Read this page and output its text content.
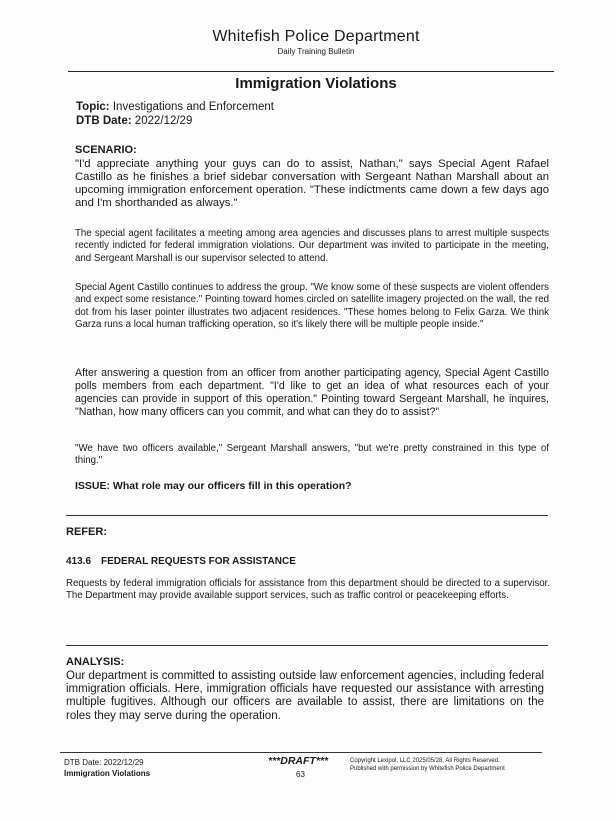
Whitefish Police Department
Daily Training Bulletin
Immigration Violations
Topic: Investigations and Enforcement
DTB Date: 2022/12/29
SCENARIO:
"I'd appreciate anything your guys can do to assist, Nathan," says Special Agent Rafael Castillo as he finishes a brief sidebar conversation with Sergeant Nathan Marshall about an upcoming immigration enforcement operation. "These indictments came down a few days ago and I'm shorthanded as always."
The special agent facilitates a meeting among area agencies and discusses plans to arrest multiple suspects recently indicted for federal immigration violations. Our department was invited to participate in the meeting, and Sergeant Marshall is our supervisor selected to attend.
Special Agent Castillo continues to address the group. "We know some of these suspects are violent offenders and expect some resistance." Pointing toward homes circled on satellite imagery projected on the wall, the red dot from his laser pointer illustrates two adjacent residences. "These homes belong to Felix Garza. We think Garza runs a local human trafficking operation, so it's likely there will be multiple people inside."
After answering a question from an officer from another participating agency, Special Agent Castillo polls members from each department. "I'd like to get an idea of what resources each of your agencies can provide in support of this operation." Pointing toward Sergeant Marshall, he inquires, "Nathan, how many officers can you commit, and what can they do to assist?"
"We have two officers available," Sergeant Marshall answers, "but we're pretty constrained in this type of thing."
ISSUE: What role may our officers fill in this operation?
REFER:
413.6 FEDERAL REQUESTS FOR ASSISTANCE
Requests by federal immigration officials for assistance from this department should be directed to a supervisor. The Department may provide available support services, such as traffic control or peacekeeping efforts.
ANALYSIS:
Our department is committed to assisting outside law enforcement agencies, including federal immigration officials. Here, immigration officials have requested our assistance with arresting multiple fugitives. Although our officers are available to assist, there are limitations on the roles they may serve during the operation.
DTB Date: 2022/12/29
Immigration Violations
***DRAFT***
63
Copyright Lexipol, LLC 2025/05/28, All Rights Reserved.
Published with permission by Whitefish Police Department
